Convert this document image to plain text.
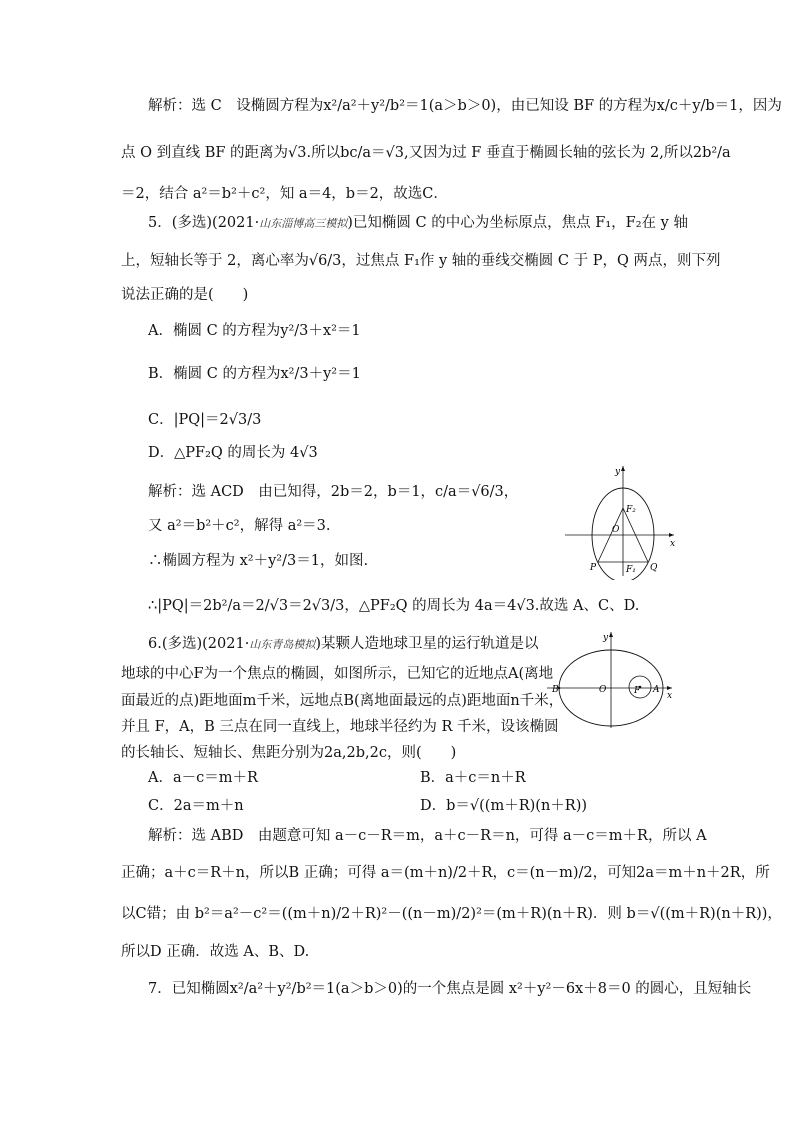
解析：选 C　设椭圆方程为x²/a²＋y²/b²＝1(a＞b＞0)，由已知设 BF 的方程为x/c＋y/b＝1，因为
点 O 到直线 BF 的距离为√3.所以bc/a＝√3,又因为过 F 垂直于椭圆长轴的弦长为 2,所以2b²/a
＝2，结合 a²＝b²＋c²，知 a＝4，b＝2，故选C．
5．(多选)(2021·山东淄博高三模拟)已知椭圆 C 的中心为坐标原点，焦点 F₁，F₂在 y 轴
上，短轴长等于 2，离心率为√6/3，过焦点 F₁作 y 轴的垂线交椭圆 C 于 P，Q 两点，则下列
说法正确的是(　　)
A．椭圆 C 的方程为y²/3＋x²＝1
B．椭圆 C 的方程为x²/3＋y²＝1
C．|PQ|＝2√3/3
D．△PF₂Q 的周长为 4√3
解析：选 ACD　由已知得，2b＝2，b＝1，c/a＝√6/3，
又 a²＝b²＋c²，解得 a²＝3.
∴椭圆方程为 x²＋y²/3＝1，如图.
∴|PQ|＝2b²/a＝2/√3＝2√3/3，△PF₂Q 的周长为 4a＝4√3.故选 A、C、D.
y
x
O
F₂
F₁
P	Q
6.(多选)(2021·山东青岛模拟)某颗人造地球卫星的运行轨道是以
地球的中心F为一个焦点的椭圆，如图所示，已知它的近地点A(离地
面最近的点)距地面m千米，远地点B(离地面最远的点)距地面n千米，
并且 F，A，B 三点在同一直线上，地球半径约为 R 千米，设该椭圆
的长轴长、短轴长、焦距分别为2a,2b,2c，则(　　)
A．a－c＝m＋R	B．a＋c＝n＋R
C．2a＝m＋n	D．b＝√((m＋R)(n＋R))
y
x
O
B	F A
解析：选 ABD　由题意可知 a－c－R＝m，a＋c－R＝n，可得 a－c＝m＋R，所以 A
正确；a＋c＝R＋n，所以B 正确；可得 a＝(m＋n)/2＋R，c＝(n－m)/2，可知2a＝m＋n＋2R，所
以C错；由 b²＝a²－c²＝((m＋n)/2＋R)²－((n－m)/2)²＝(m＋R)(n＋R)．则 b＝√((m＋R)(n＋R))，
所以D 正确．故选 A、B、D.
7．已知椭圆x²/a²＋y²/b²＝1(a＞b＞0)的一个焦点是圆 x²＋y²－6x＋8＝0 的圆心，且短轴长
